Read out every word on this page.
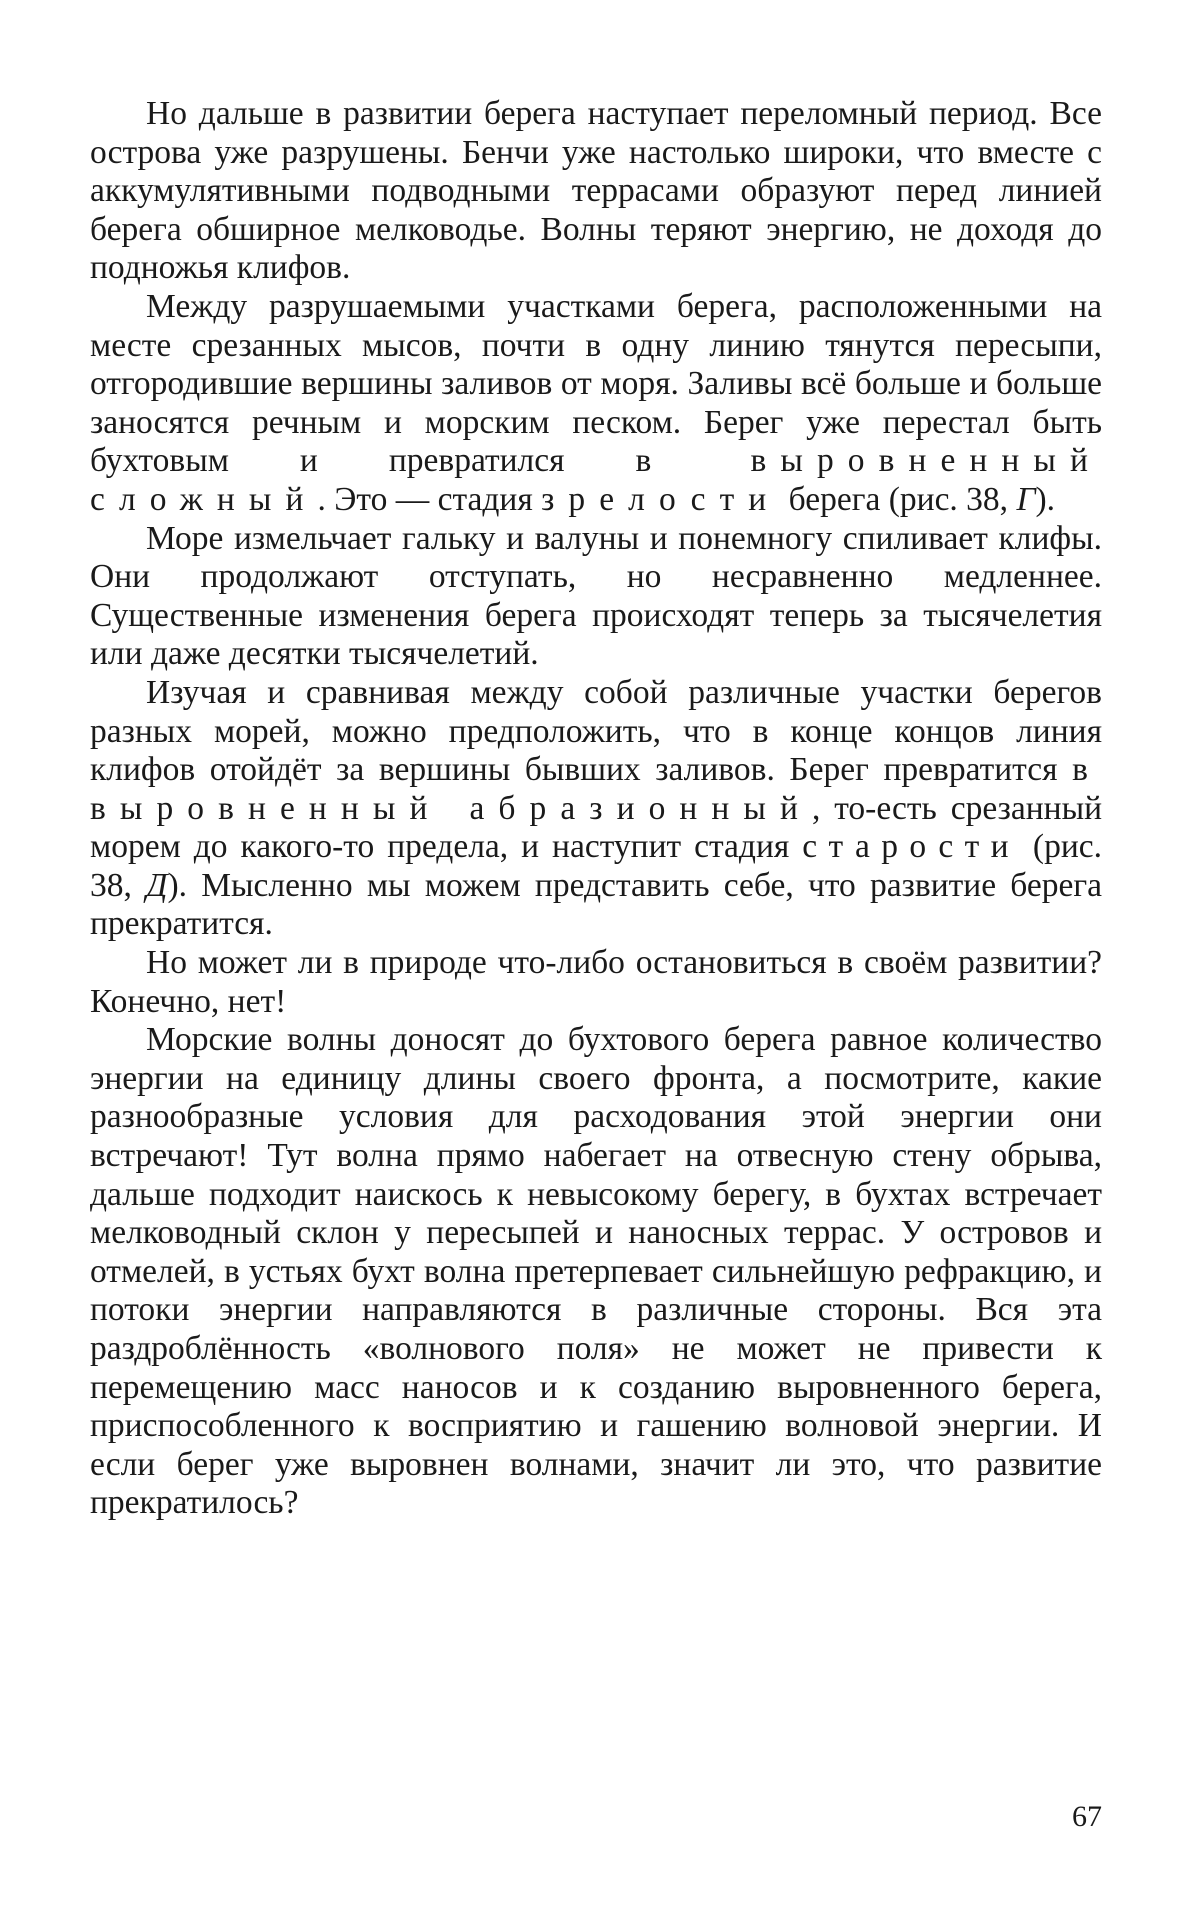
Но дальше в развитии берега наступает переломный период. Все острова уже разрушены. Бенчи уже настолько широки, что вместе с аккумулятивными подводными террасами образуют перед линией берега обширное мелководье. Волны теряют энергию, не доходя до подножья клифов.

Между разрушаемыми участками берега, расположенными на месте срезанных мысов, почти в одну линию тянутся пересыпи, отгородившие вершины заливов от моря. Заливы всё больше и больше заносятся речным и морским песком. Берег уже перестал быть бухтовым и превратился в выровненный сложный. Это — стадия зрелости берега (рис. 38, Г).

Море измельчает гальку и валуны и понемногу спиливает клифы. Они продолжают отступать, но несравненно медленнее. Существенные изменения берега происходят теперь за тысячелетия или даже десятки тысячелетий.

Изучая и сравнивая между собой различные участки берегов разных морей, можно предположить, что в конце концов линия клифов отойдёт за вершины бывших заливов. Берег превратится в выровненный абразионный, то-есть срезанный морем до какого-то предела, и наступит стадия старости (рис. 38, Д). Мысленно мы можем представить себе, что развитие берега прекратится.

Но может ли в природе что-либо остановиться в своём развитии? Конечно, нет!

Морские волны доносят до бухтового берега равное количество энергии на единицу длины своего фронта, а посмотрите, какие разнообразные условия для расходования этой энергии они встречают! Тут волна прямо набегает на отвесную стену обрыва, дальше подходит наискось к невысокому берегу, в бухтах встречает мелководный склон у пересыпей и наносных террас. У островов и отмелей, в устьях бухт волна претерпевает сильнейшую рефракцию, и потоки энергии направляются в различные стороны. Вся эта раздроблённость «волнового поля» не может не привести к перемещению масс наносов и к созданию выровненного берега, приспособленного к восприятию и гашению волновой энергии. И если берег уже выровнен волнами, значит ли это, что развитие прекратилось?

67
